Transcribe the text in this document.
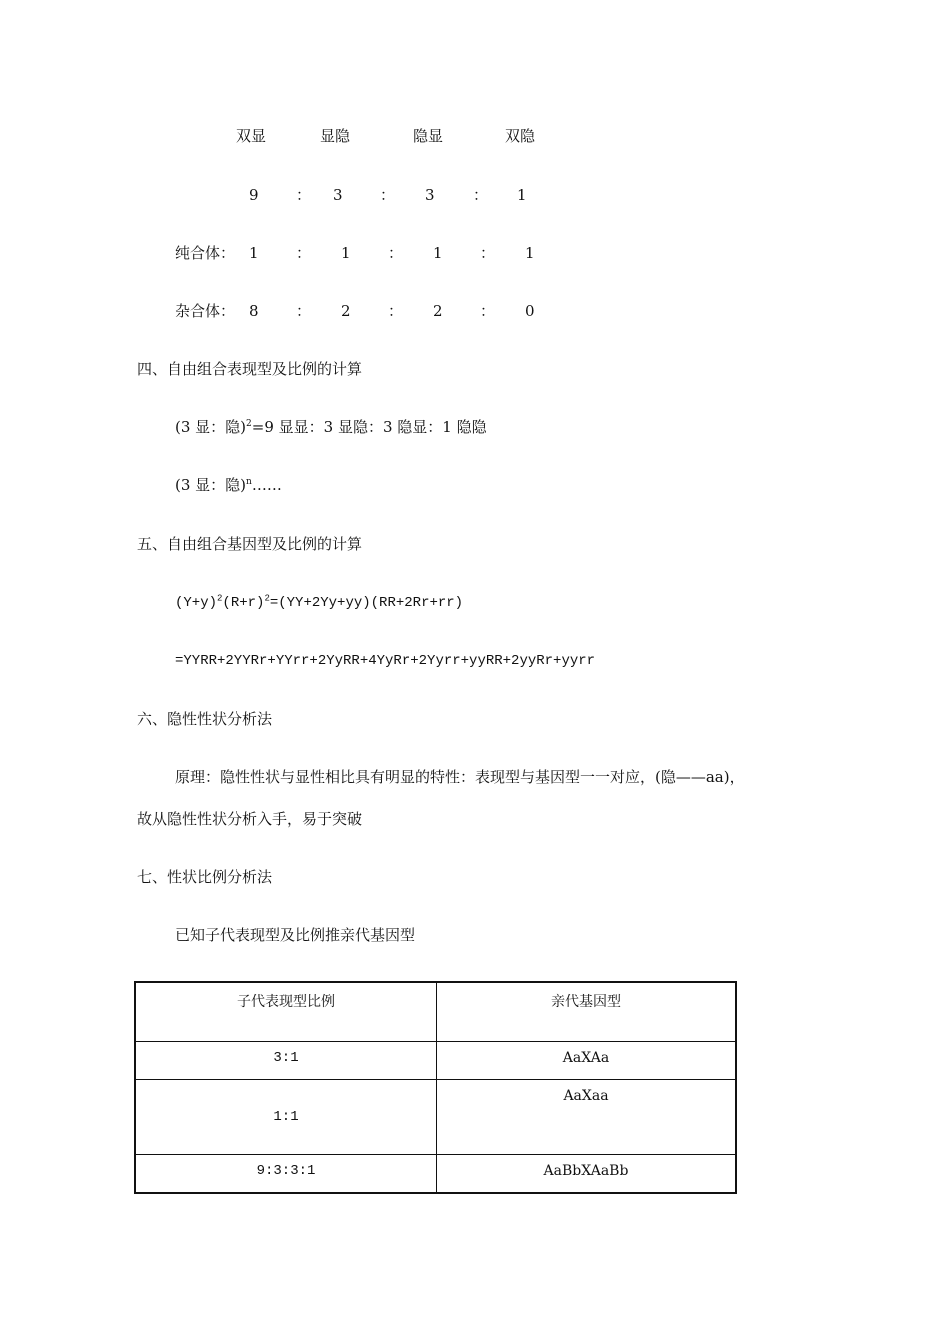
双显	显隐	隐显	双隐
9 ： 3 ： 3	： 1
纯合体： 1 ： 1 ： 1 ： 1
杂合体： 8 ： 2 ： 2 ： 0
四、自由组合表现型及比例的计算
(3 显：隐)$^2$=9 显显：3 显隐：3 隐显：1 隐隐
(3 显：隐)$^n$……
五、自由组合基因型及比例的计算
$(Y+y)^2(R+r)^2=(YY+2Yy+yy)(RR+2Rr+rr)$
=YYRR+2YYRr+YYrr+2YyRR+4YyRr+2Yyrr+yyRR+2yyRr+yyrr
六、隐性性状分析法
原理：隐性性状与显性相比具有明显的特性：表现型与基因型一一对应，(隐——aa)，
故从隐性性状分析入手，易于突破
七、性状比例分析法
已知子代表现型及比例推亲代基因型
子代表现型比例	亲代基因型
3:1	AaXAa
1:1	AaXaa
9:3:3:1	AaBbXAaBb
